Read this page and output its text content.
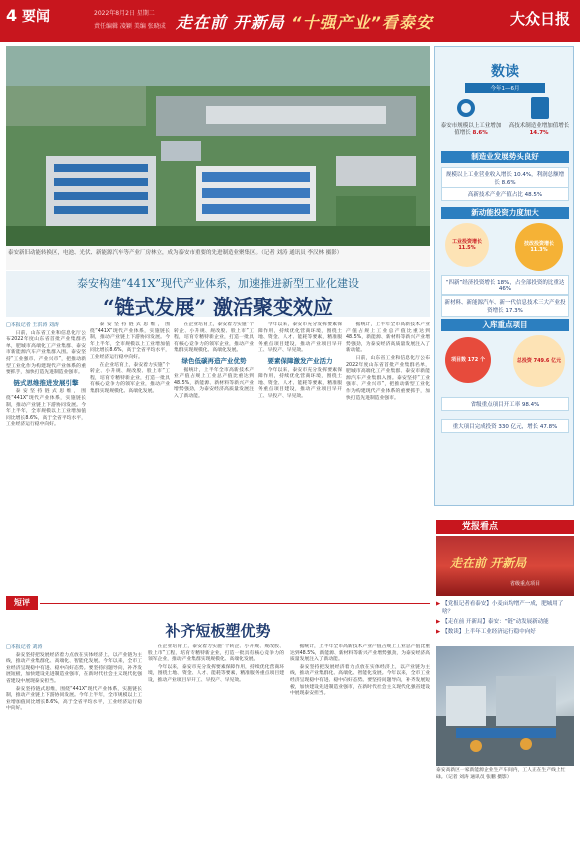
4 要闻	2022年8月2日 星期二
责任编辑 凌颖 美编 张晓成 走在前 开新局 “十强产业”看泰安	大众日报
泰安新旧动能转换区，电池、光伏、新能源汽车等产业厂房林立，成为泰安市重要的先进制造业聚集区。（记者 刘涛 通讯员 李汉林 摄影）
泰安构建“441X”现代产业体系，加速推进新型工业化建设
“链式发展” 激活聚变效应
□本报记者 王洪涛 刘涛

日前，山东省工业和信息化厅公布2022年度山东省首批产业集群名单，肥城市高端化工产业集群、泰安市新能源汽车产业集群入围。泰安坚持“工业强市、产业兴市”，把推动新型工业化作为构建现代产业体系的重要抓手，加快打造先进制造业强市。

链式思维推进发展引擎

泰安坚持链式思维，围绕“441X”现代产业体系，实施链长制，推动产业链上下游协同发展。今年上半年，全市规模以上工业增加值同比增长8.6%，高于全省平均水平，工业经济运行稳中向好。

泰安坚持链式思维，围绕“441X”现代产业体系，实施链长制，推动产业链上下游协同发展。今年上半年，全市规模以上工业增加值同比增长8.6%，高于全省平均水平，工业经济运行稳中向好。

在企业培育上，泰安着力实施“个转企、小升规、规改股、股上市”工程，培育专精特新企业，打造一批具有核心竞争力的领军企业，推动产业集群实现规模化、高端化发展。

在企业培育上，泰安着力实施“个转企、小升规、规改股、股上市”工程，培育专精特新企业，打造一批具有核心竞争力的领军企业，推动产业集群实现规模化、高端化发展。

绿色低碳再造产业优势

据统计，上半年全市高新技术产业产值占规上工业总产值比重达到48.5%，新能源、新材料等新兴产业增势强劲，为泰安经济高质量发展注入了新动能。

今年以来，泰安市充分发挥要素保障作用，持续优化营商环境，围绕土地、资金、人才、能耗等要素，精准服务重点项目建设，推动产业项目早开工、早投产、早见效。

要素保障激发产业活力

今年以来，泰安市充分发挥要素保障作用，持续优化营商环境，围绕土地、资金、人才、能耗等要素，精准服务重点项目建设，推动产业项目早开工、早投产、早见效。

据统计，上半年全市高新技术产业产值占规上工业总产值比重达到48.5%，新能源、新材料等新兴产业增势强劲，为泰安经济高质量发展注入了新动能。

日前，山东省工业和信息化厅公布2022年度山东省首批产业集群名单，肥城市高端化工产业集群、泰安市新能源汽车产业集群入围。泰安坚持“工业强市、产业兴市”，把推动新型工业化作为构建现代产业体系的重要抓手，加快打造先进制造业强市。

短评
补齐短板塑优势
□本报记者 刘涛

泰安坚持把发展经济着力点放在实体经济上，以产业链为主线，推动产业集群化、高端化、智能化发展。今年以来，全市工业经济呈现稳中有进、稳中向好态势。要坚持问题导向，补齐发展短板，加快建设先进制造业强市，在新时代社会主义现代化强省建设中展现泰安担当。

泰安坚持链式思维，围绕“441X”现代产业体系，实施链长制，推动产业链上下游协同发展。今年上半年，全市规模以上工业增加值同比增长8.6%，高于全省平均水平，工业经济运行稳中向好。

在企业培育上，泰安着力实施“个转企、小升规、规改股、股上市”工程，培育专精特新企业，打造一批具有核心竞争力的领军企业，推动产业集群实现规模化、高端化发展。

今年以来，泰安市充分发挥要素保障作用，持续优化营商环境，围绕土地、资金、人才、能耗等要素，精准服务重点项目建设，推动产业项目早开工、早投产、早见效。

据统计，上半年全市高新技术产业产值占规上工业总产值比重达到48.5%，新能源、新材料等新兴产业增势强劲，为泰安经济高质量发展注入了新动能。

泰安坚持把发展经济着力点放在实体经济上，以产业链为主线，推动产业集群化、高端化、智能化发展。今年以来，全市工业经济呈现稳中有进、稳中向好态势。要坚持问题导向，补齐发展短板，加快建设先进制造业强市，在新时代社会主义现代化强省建设中展现泰安担当。

数读
今年1—6月
泰安市规模以上工业增加值增长 8.6%
高技术制造业增加值增长 14.7%
制造业发展势头良好
规模以上工业营业收入增长 10.4%，利润总额增长 8.6%
高新技术产业产值占比 48.5%
新动能投资力度加大
工业投资增长 11.5%
技改投资增长 11.3%
“四新”经济投资增长 18%，占全部投资的比重达 46%
新材料、新能源汽车、新一代信息技术三大产业投资增长 17.3%
入库重点项目
项目数 172 个	总投资 749.6 亿元
省级重点项目开工率 98.4%
重大项目完成投资 330 亿元，增长 47.8%
党报看点
走在前 开新局
省级重点项目
▶ 【党报记者看泰安】小麦亩均增产一成，肥城用了啥？
▶ 【走在前 开新局】泰安：“链”动发展新动能
▶ 【数读】上半年工业经济运行稳中向好
泰安高新区一家新能源企业生产车间内，工人正在生产线上忙碌。（记者 刘涛 通讯员 张鹏 摄影）
